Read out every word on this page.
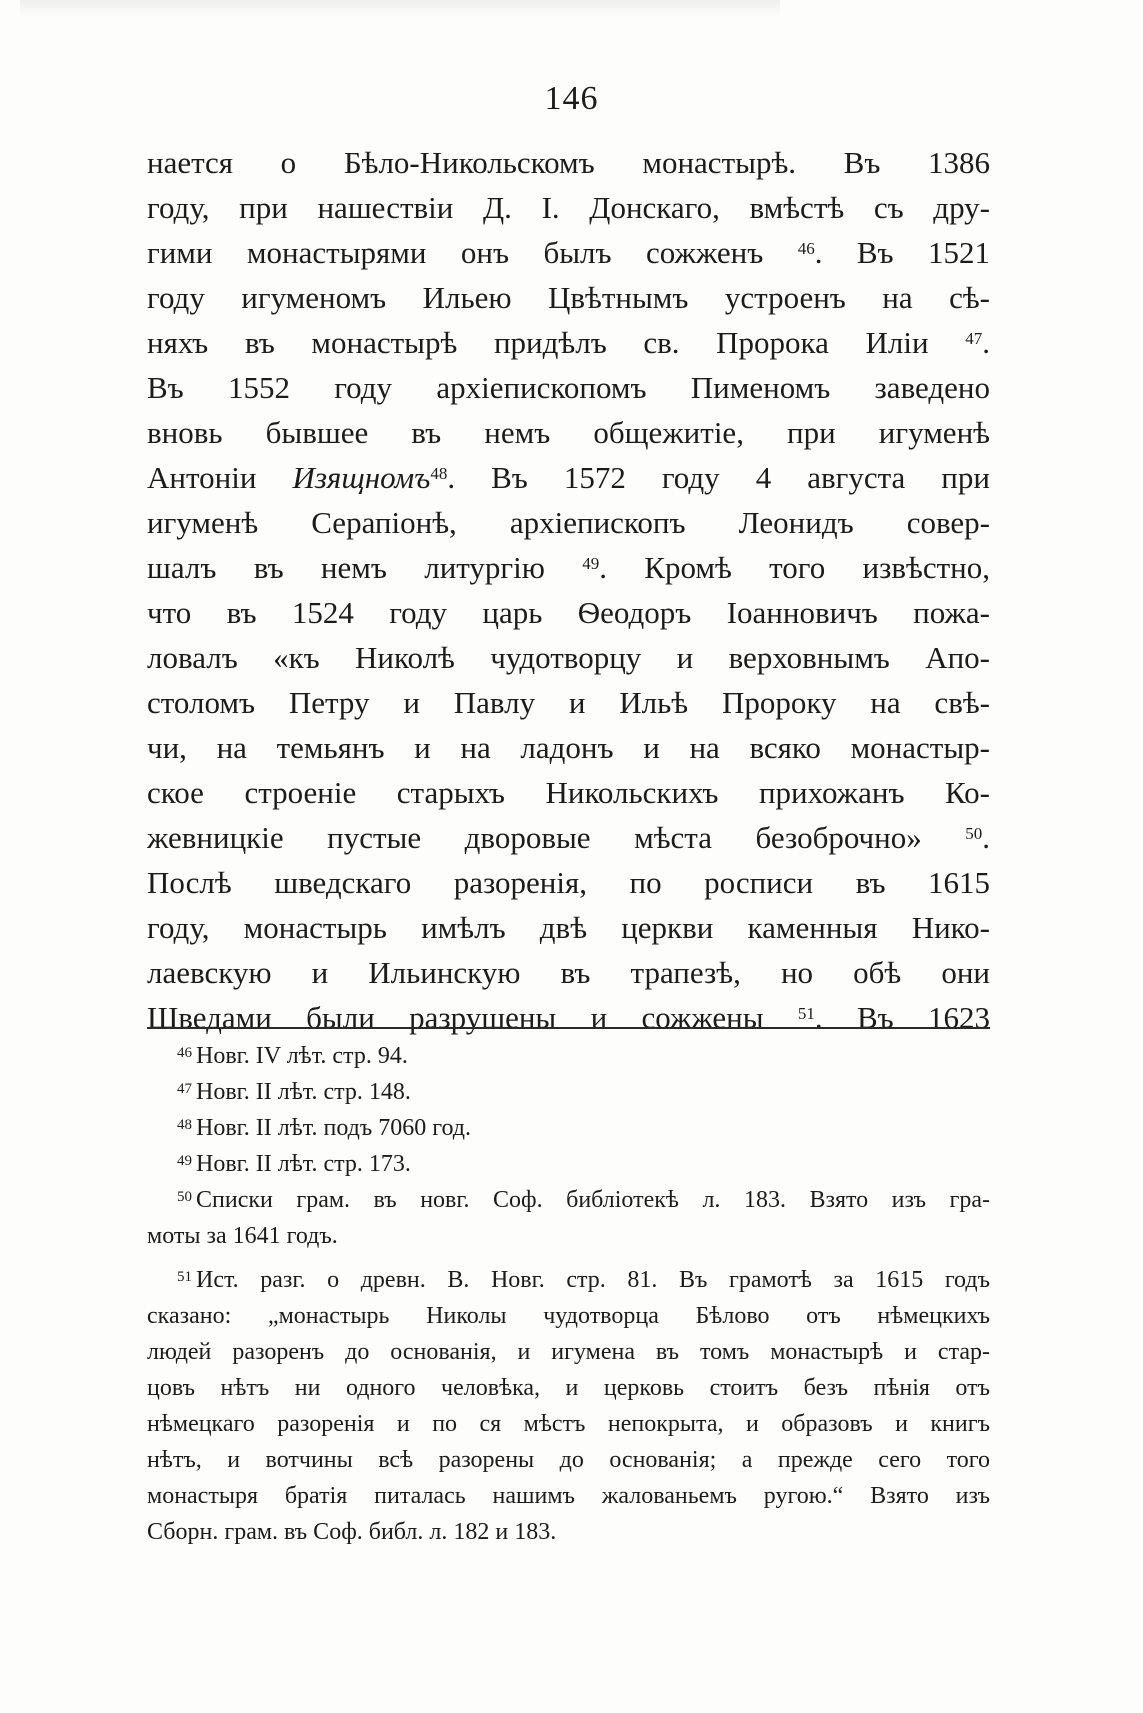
146
нается о Бѣло-Никольскомъ монастырѣ. Въ 1386
году, при нашествіи Д. І. Донскаго, вмѣстѣ съ дру-
гими монастырями онъ былъ сожженъ $^{46}$. Въ 1521
году игуменомъ Ильею Цвѣтнымъ устроенъ на сѣ-
няхъ въ монастырѣ придѣлъ св. Пророка Иліи $^{47}$.
Въ 1552 году архіепископомъ Пименомъ заведено
вновь бывшее въ немъ общежитіе, при игуменѣ
Антоніи Изящномъ$^{48}$. Въ 1572 году 4 августа при
игуменѣ Серапіонѣ, архіепископъ Леонидъ совер-
шалъ въ немъ литургію $^{49}$. Кромѣ того извѣстно,
что въ 1524 году царь Ѳеодоръ Іоанновичъ пожа-
ловалъ «къ Николѣ чудотворцу и верховнымъ Апо-
столомъ Петру и Павлу и Ильѣ Пророку на свѣ-
чи, на темьянъ и на ладонъ и на всяко монастыр-
ское строеніе старыхъ Никольскихъ прихожанъ Ко-
жевницкіе пустые дворовые мѣста безоброчно» $^{50}$.
Послѣ шведскаго разоренія, по росписи въ 1615
году, монастырь имѣлъ двѣ церкви каменныя Нико-
лаевскую и Ильинскую въ трапезѣ, но обѣ они
Шведами были разрушены и сожжены $^{51}$. Въ 1623
$^{46}$ Новг. IV лѣт. стр. 94.
$^{47}$ Новг. II лѣт. стр. 148.
$^{48}$ Новг. II лѣт. подъ 7060 год.
$^{49}$ Новг. II лѣт. стр. 173.
$^{50}$ Списки грам. въ новг. Соф. библіотекѣ л. 183. Взято изъ гра-
моты за 1641 годъ.
$^{51}$ Ист. разг. о древн. В. Новг. стр. 81. Въ грамотѣ за 1615 годъ
сказано: „монастырь Николы чудотворца Бѣлово отъ нѣмецкихъ
людей разоренъ до основанія, и игумена въ томъ монастырѣ и стар-
цовъ нѣтъ ни одного человѣка, и церковь стоитъ безъ пѣнія отъ
нѣмецкаго разоренія и по ся мѣстъ непокрыта, и образовъ и книгъ
нѣтъ, и вотчины всѣ разорены до основанія; а прежде сего того
монастыря братія питалась нашимъ жалованьемъ ругою.“ Взято изъ
Сборн. грам. въ Соф. библ. л. 182 и 183.
